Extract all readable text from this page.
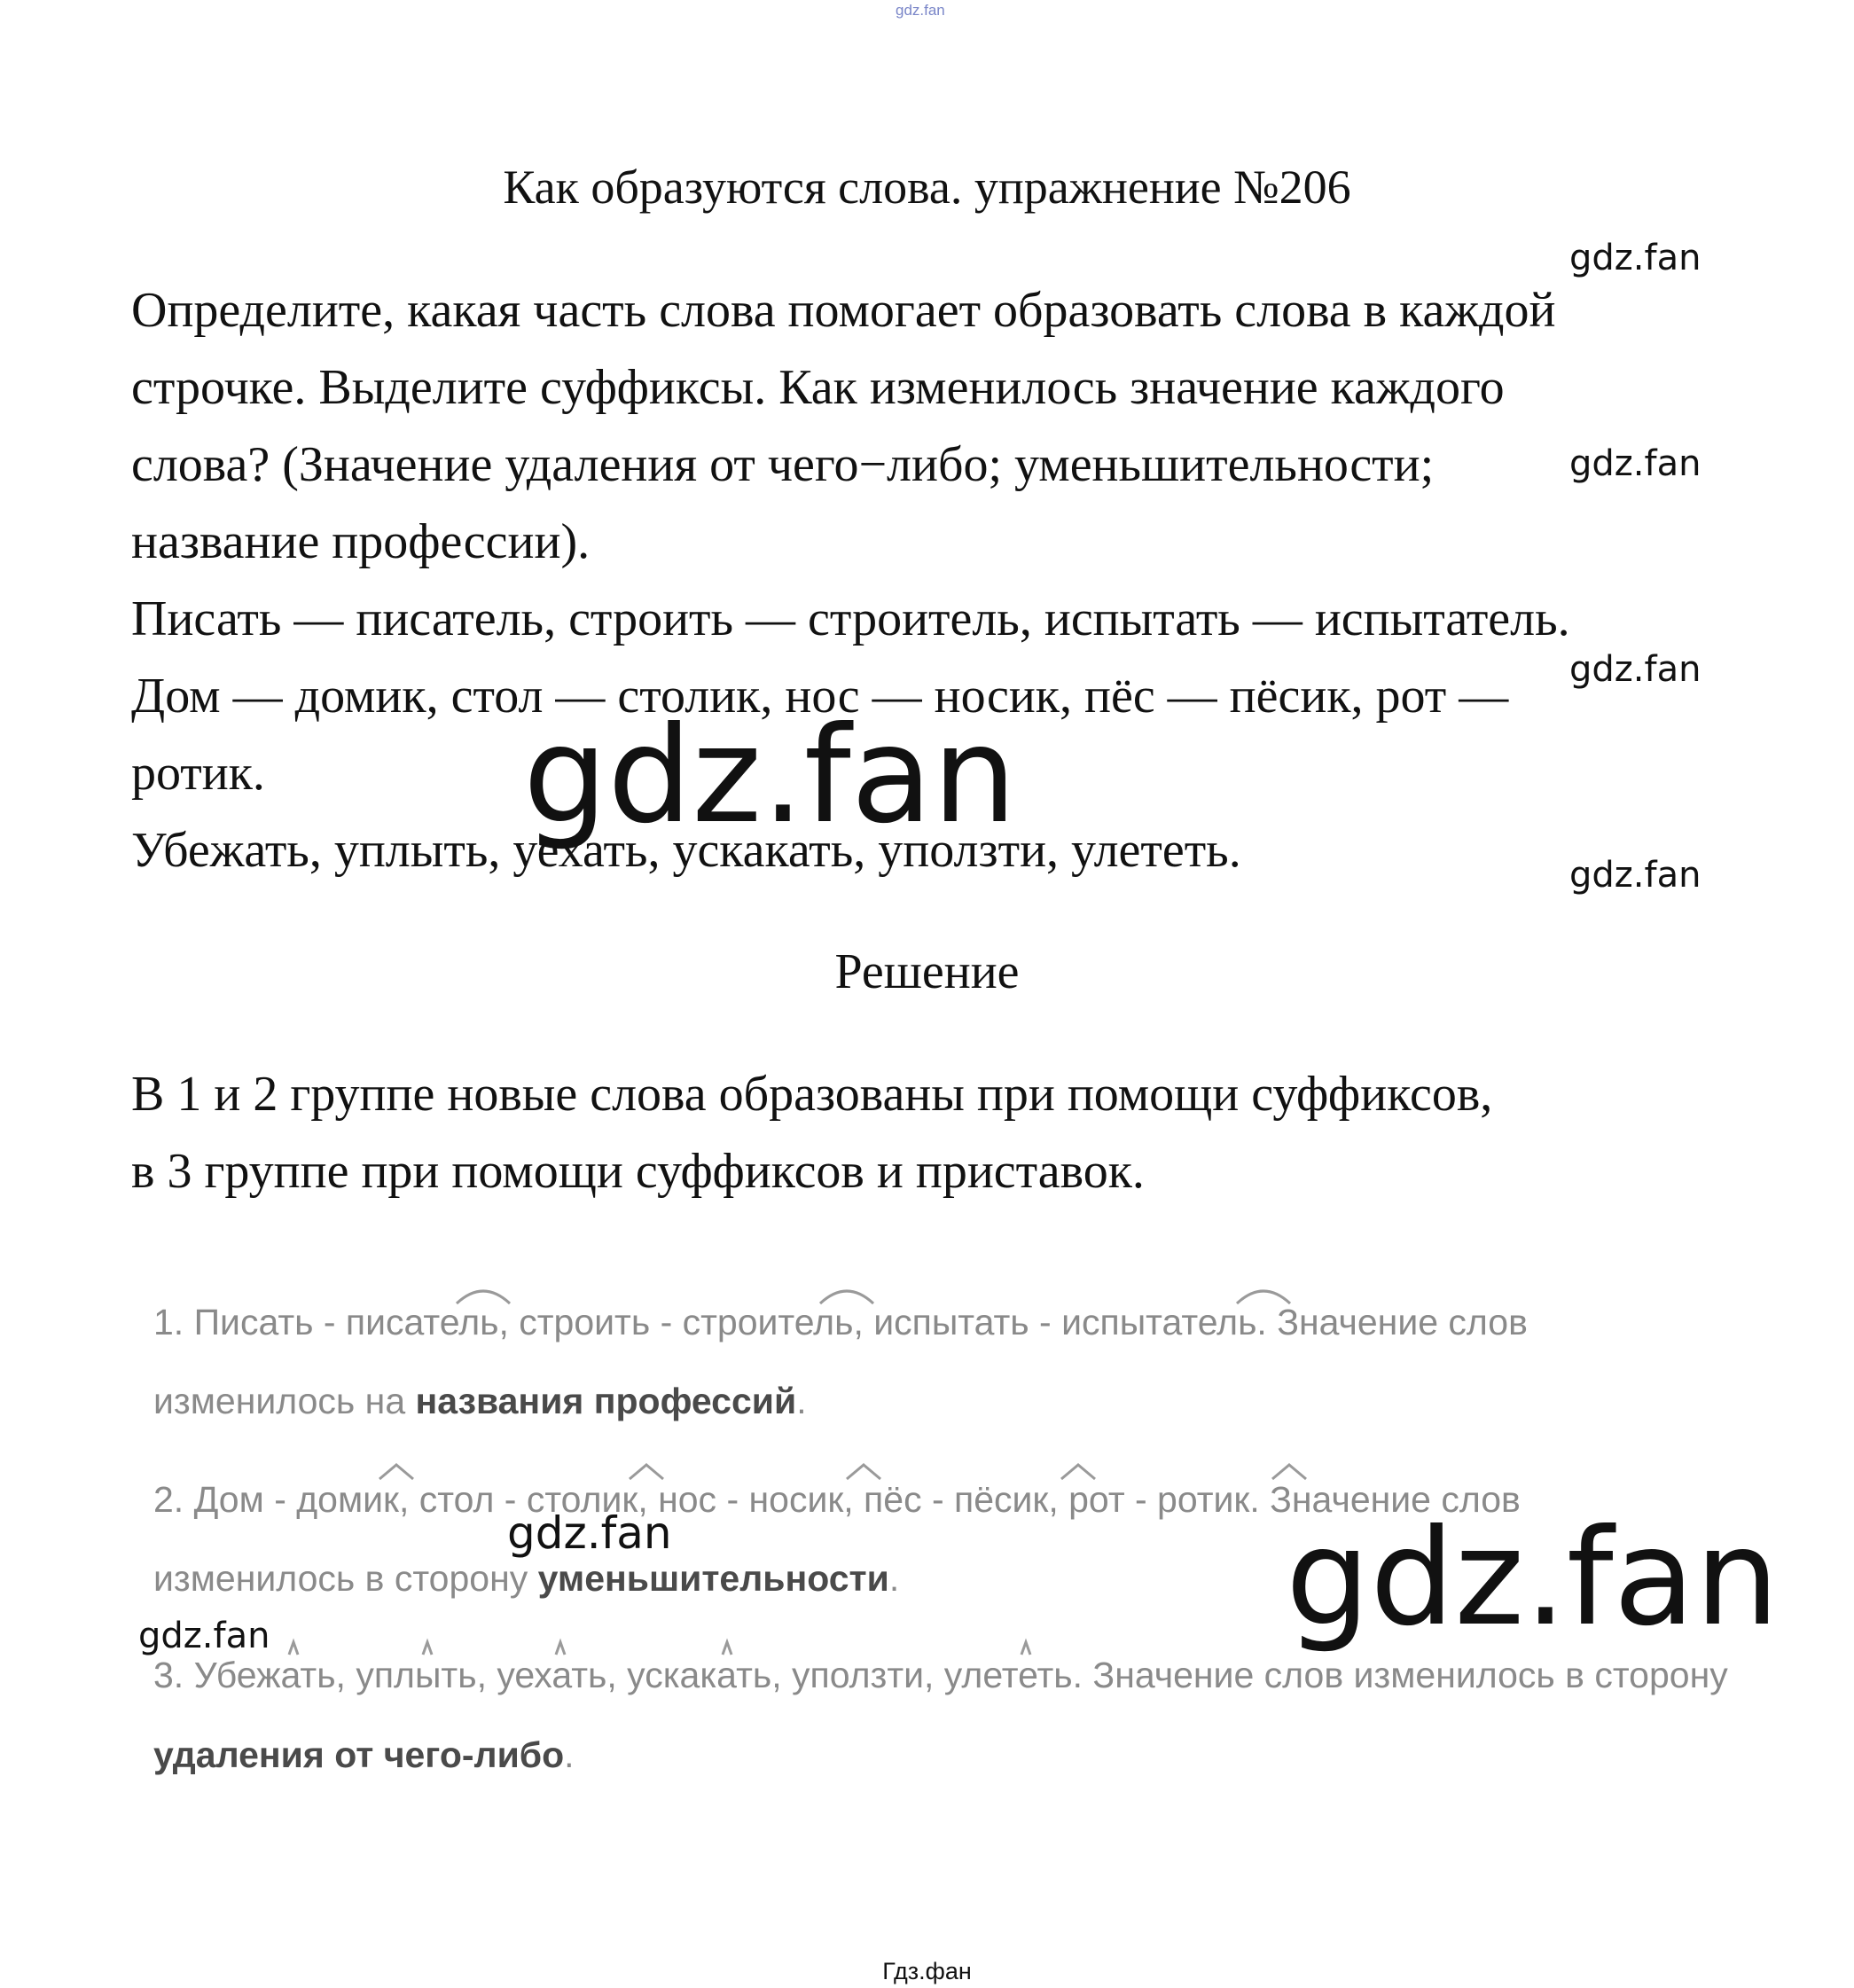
gdz.fan
Как образуются слова. упражнение №206
gdz.fan
gdz.fan
gdz.fan
gdz.fan
Определите, какая часть слова помогает образовать слова в каждой
строчке. Выделите суффиксы. Как изменилось значение каждого
слова? (Значение удаления от чего−либо; уменьшительности;
название профессии).
Писать — писатель, строить — строитель, испытать — испытатель.
Дом — домик, стол — столик, нос — носик, пёс — пёсик, рот —
ротик.
Убежать, уплыть, уехать, ускакать, уползти, улететь.
gdz.fan
Решение
В 1 и 2 группе новые слова образованы при помощи суффиксов,
в 3 группе при помощи суффиксов и приставок.
1. Писать - писатель, строить - строитель, испытать - испытатель. Значение слов
изменилось на названия профессий.
2. Дом - домик, стол - столик, нос - носик, пёс - пёсик, рот - ротик. Значение слов
изменилось в сторону уменьшительности.
3. Убежать, уплыть, уехать, ускакать, уползти, улететь. Значение слов изменилось в сторону
удаления от чего-либо.
gdz.fan
gdz.fan	gdz.fan
Гдз.фан
